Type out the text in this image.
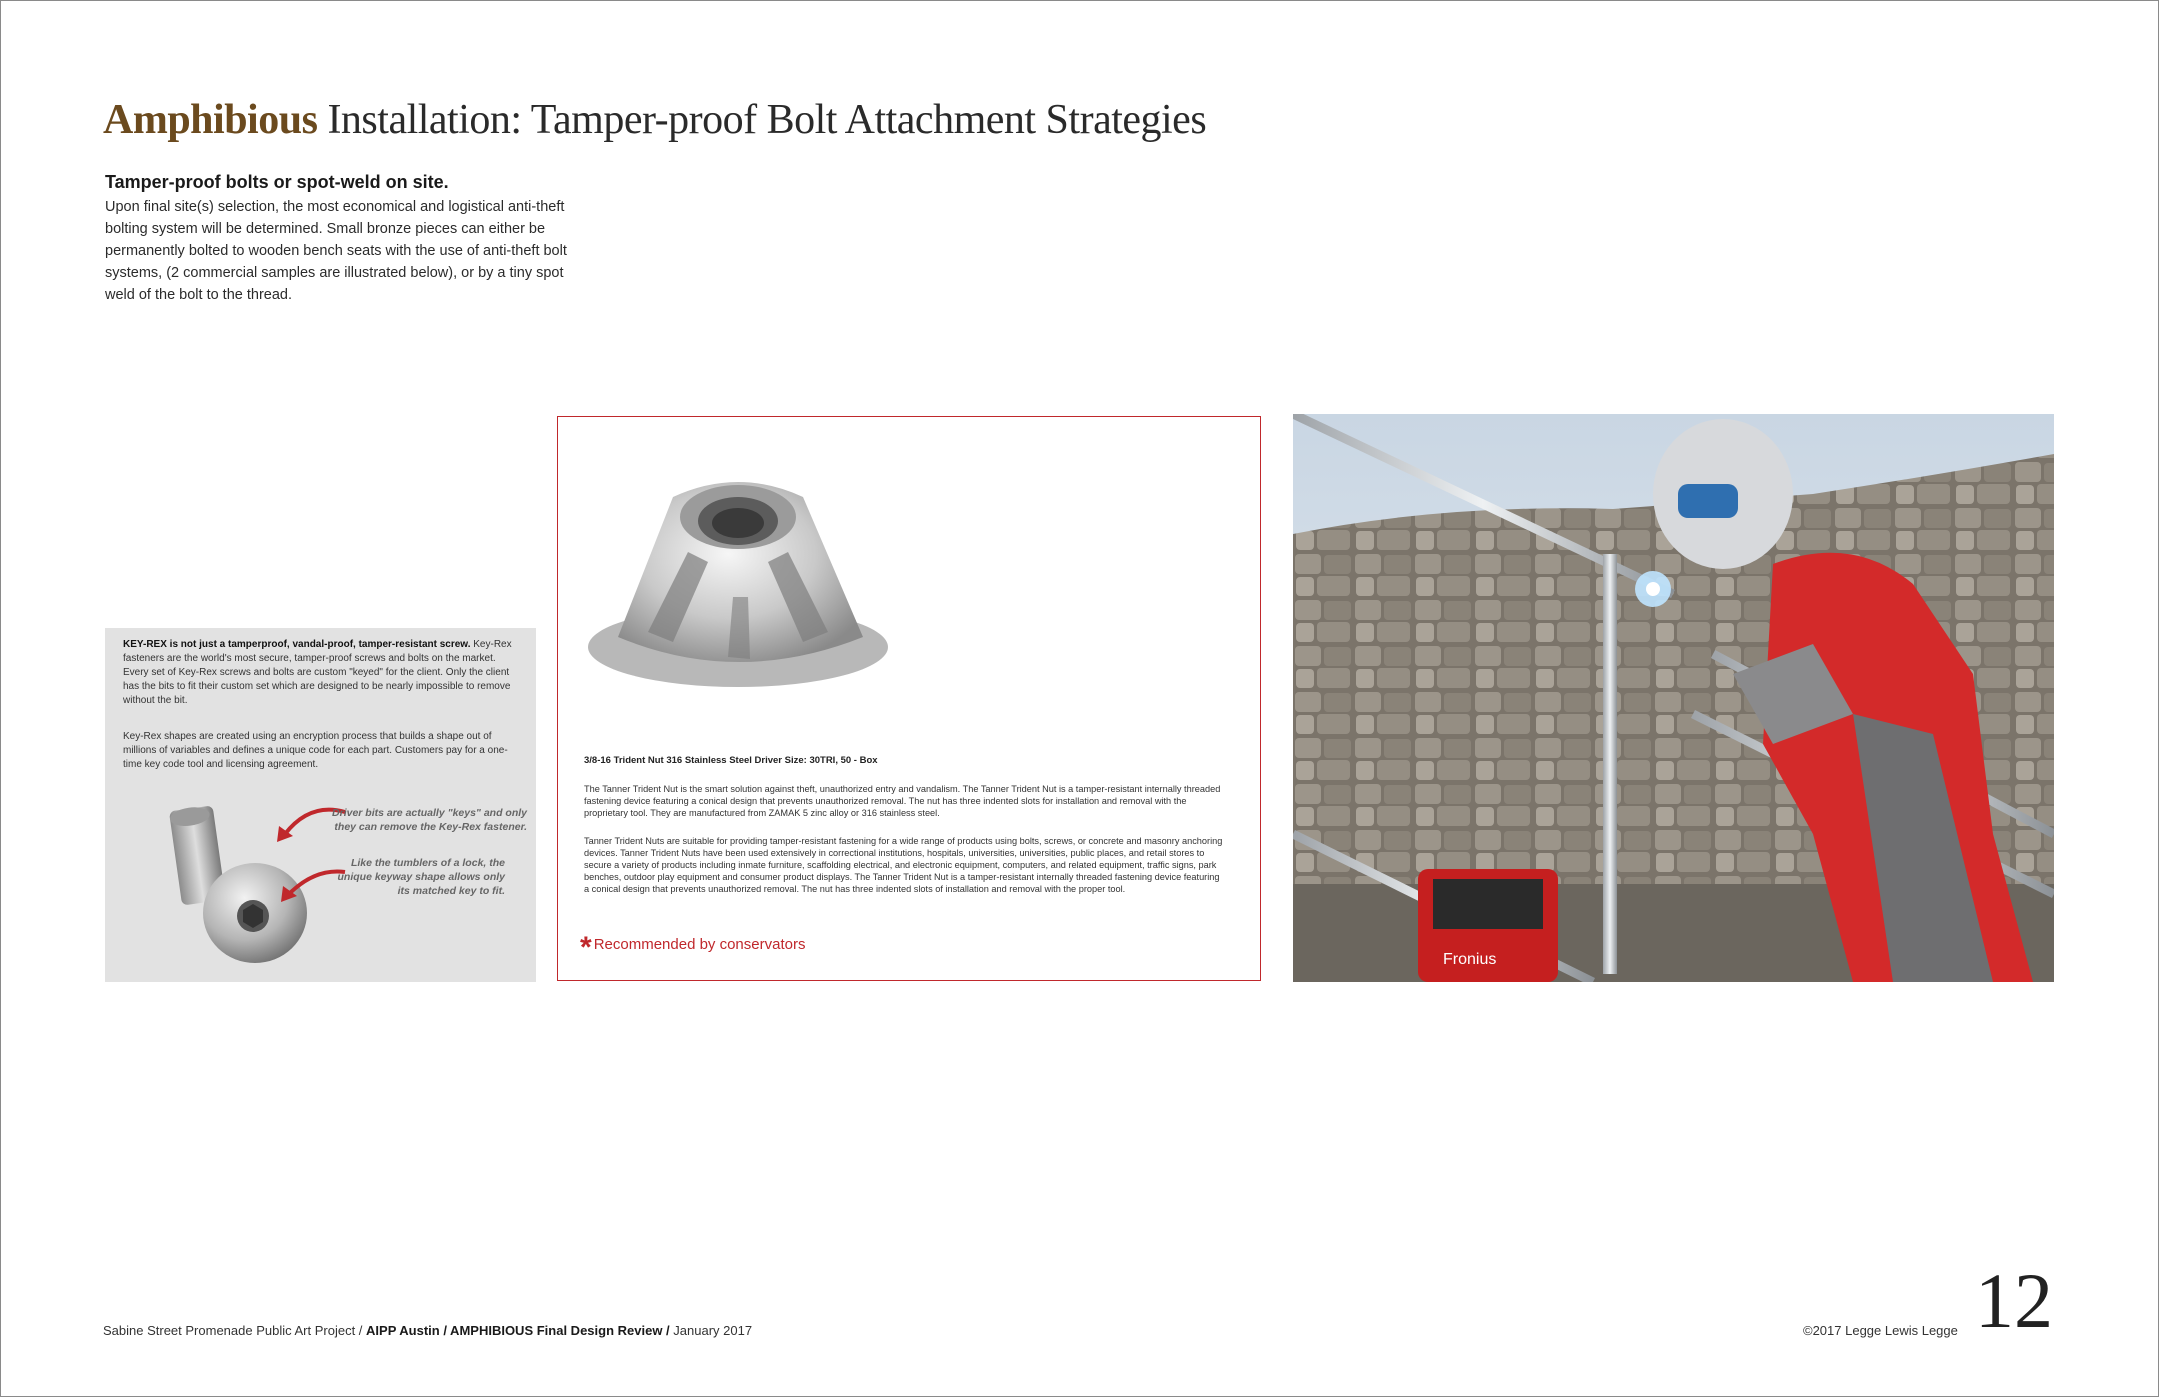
Amphibious Installation: Tamper-proof Bolt Attachment Strategies
Tamper-proof bolts or spot-weld on site.
Upon final site(s) selection, the most economical and logistical anti-theft bolting system will be determined. Small bronze pieces can either be permanently bolted to wooden bench seats with the use of anti-theft bolt systems, (2 commercial samples are illustrated below), or by a tiny spot weld of the bolt to the thread.

KEY-REX is not just a tamperproof, vandal-proof, tamper-resistant screw. Key-Rex fasteners are the world's most secure, tamper-proof screws and bolts on the market. Every set of Key-Rex screws and bolts are custom "keyed" for the client. Only the client has the bits to fit their custom set which are designed to be nearly impossible to remove without the bit.

Key-Rex shapes are created using an encryption process that builds a shape out of millions of variables and defines a unique code for each part. Customers pay for a one-time key code tool and licensing agreement.

Driver bits are actually "keys" and only they can remove the Key-Rex fastener.
Like the tumblers of a lock, the unique keyway shape allows only its matched key to fit.
3/8-16 Trident Nut 316 Stainless Steel Driver Size: 30TRI, 50 - Box

The Tanner Trident Nut is the smart solution against theft, unauthorized entry and vandalism. The Tanner Trident Nut is a tamper-resistant internally threaded fastening device featuring a conical design that prevents unauthorized removal. The nut has three indented slots for installation and removal with the proprietary tool. They are manufactured from ZAMAK 5 zinc alloy or 316 stainless steel.

Tanner Trident Nuts are suitable for providing tamper-resistant fastening for a wide range of products using bolts, screws, or concrete and masonry anchoring devices. Tanner Trident Nuts have been used extensively in correctional institutions, hospitals, universities, universities, public places, and retail stores to secure a variety of products including inmate furniture, scaffolding electrical, and electronic equipment, computers, and related equipment, traffic signs, park benches, outdoor play equipment and consumer product displays. The Tanner Trident Nut is a tamper-resistant internally threaded fastening device featuring a conical design that prevents unauthorized removal. The nut has three indented slots of installation and removal with the proper tool.

* Recommended by conservators
Fronius
Sabine Street Promenade Public Art Project / AIPP Austin / AMPHIBIOUS Final Design Review / January 2017	©2017 Legge Lewis Legge 12
